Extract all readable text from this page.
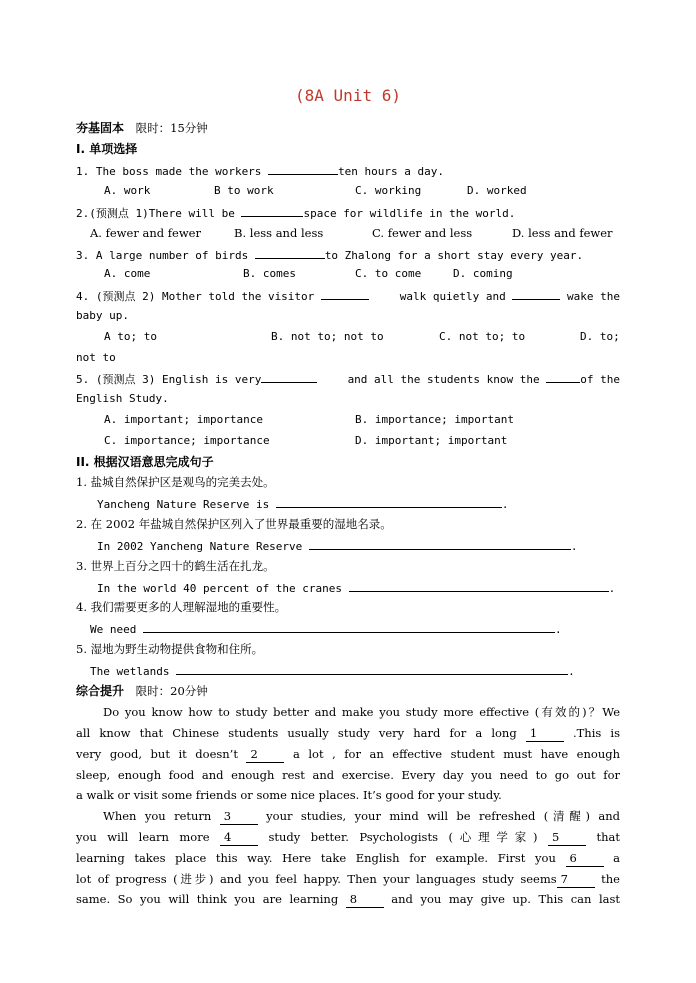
(8A Unit 6)
夯基固本 限时：15分钟
I. 单项选择
1. The boss made the workers	ten hours a day.
A. work	B to work	C. working	D. worked
2.(预测点 1)There will be	space for wildlife in the world.
A. fewer and fewer	B. less and less	C. fewer and less	D. less and fewer
3. A large number of birds	to Zhalong for a short stay every year.
A. come	B. comes	C. to come	D. coming
4. (预测点 2) Mother told the visitor	walk quietly and	wake the
baby up.
A to; to	B. not to; not to	C. not to; to	D. to;
not to
5. (预测点 3) English is very	and all the students know the	of the
English Study.
A. important; importance	B. importance; important
C. importance; importance	D. important; important
II. 根据汉语意思完成句子
1. 盐城自然保护区是观鸟的完美去处。
Yancheng Nature Reserve is	.
2. 在 2002 年盐城自然保护区列入了世界最重要的湿地名录。
In 2002 Yancheng Nature Reserve	.
3. 世界上百分之四十的鹤生活在扎龙。
In the world 40 percent of the cranes	.
4. 我们需要更多的人理解湿地的重要性。
We need	.
5. 湿地为野生动物提供食物和住所。
The wetlands	.
综合提升 限时：20分钟
Do you know how to study better and make you study more effective (有效的)？We
all know that Chinese students usually study very hard for a long 1 .This is
very good, but it doesn’t 2 a lot , for an effective student must have enough
sleep, enough food and enough rest and exercise. Every day you need to go out for
a walk or visit some friends or some nice places. It’s good for your study.
When you return 3 your studies, your mind will be refreshed (清醒) and
you will learn more 4 study better. Psychologists (心理学家) 5 that
learning takes place this way. Here take English for example. First you 6 a
lot of progress (进步) and you feel happy. Then your languages study seems 7 the
same. So you will think you are learning 8 and you may give up. This can last
